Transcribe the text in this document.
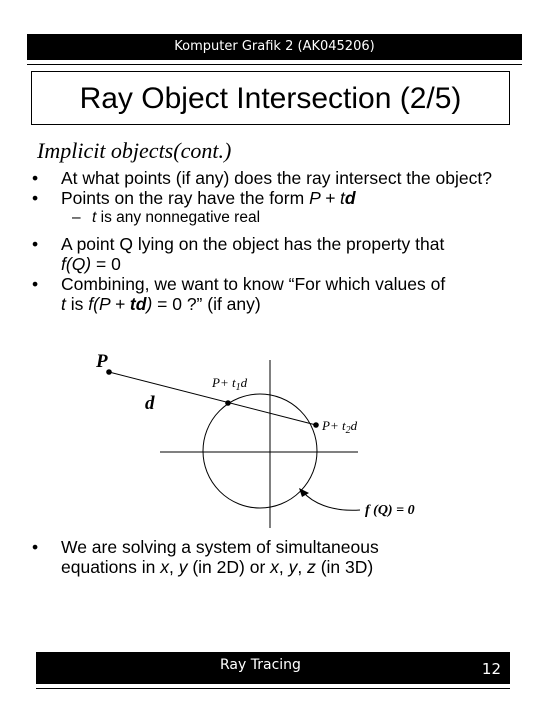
Komputer Grafik 2 (AK045206)
Ray Object Intersection (2/5)
Implicit objects(cont.)
• At what points (if any) does the ray intersect the object?
• Points on the ray have the form P + td
– t is any nonnegative real
• A point Q lying on the object has the property that
f(Q) = 0
• Combining, we want to know “For which values of
t is f(P + td) = 0 ?” (if any)
P
d
$P+ t_1d$
$P+ t_2d$
f (Q) = 0
• We are solving a system of simultaneous
equations in x, y (in 2D) or x, y, z (in 3D)
Ray Tracing	12
